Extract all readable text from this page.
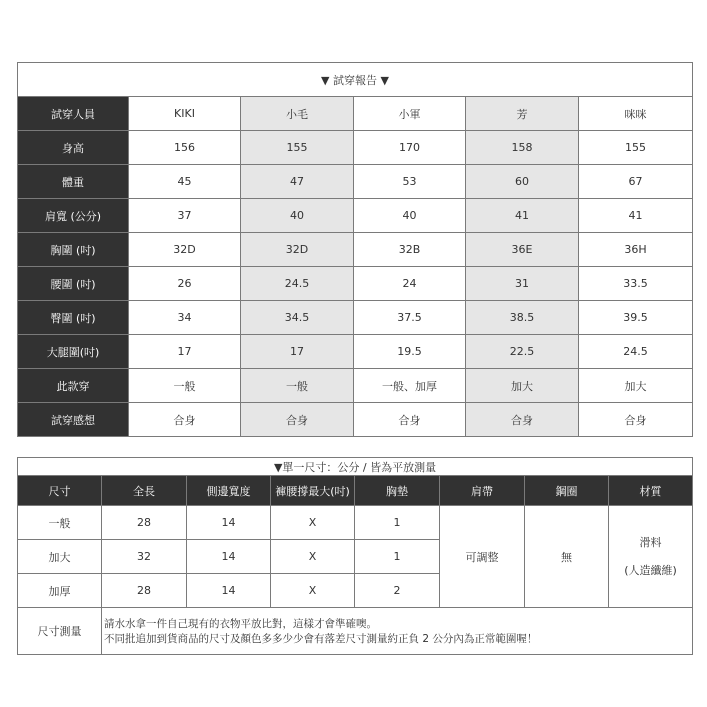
▼ 試穿報告 ▼					
試穿人員	KIKI	小毛	小軍	芳	咪咪
身高	156	155	170	158	155
體重	45	47	53	60	67
肩寬 (公分)	37	40	40	41	41
胸圍 (吋)	32D	32D	32B	36E	36H
腰圍 (吋)	26	24.5	24	31	33.5
臀圍 (吋)	34	34.5	37.5	38.5	39.5
大腿圍(吋)	17	17	19.5	22.5	24.5
此款穿	一般	一般	一般、加厚	加大	加大
試穿感想	合身	合身	合身	合身	合身
▼單一尺寸：公分 / 皆為平放測量							
尺寸	全長	側邊寬度	褲腰撐最大(吋)	胸墊	肩帶	鋼圈	材質
一般	28	14	X	1	可調整	無	滑料
(人造纖維)

加大	32	14	X	1			
加厚	28	14	X	2			
尺寸測量	請水水拿一件自己現有的衣物平放比對，這樣才會準確噢。
不同批追加到貨商品的尺寸及顏色多多少少會有落差尺寸測量約正負 2 公分內為正常範圍喔！						
